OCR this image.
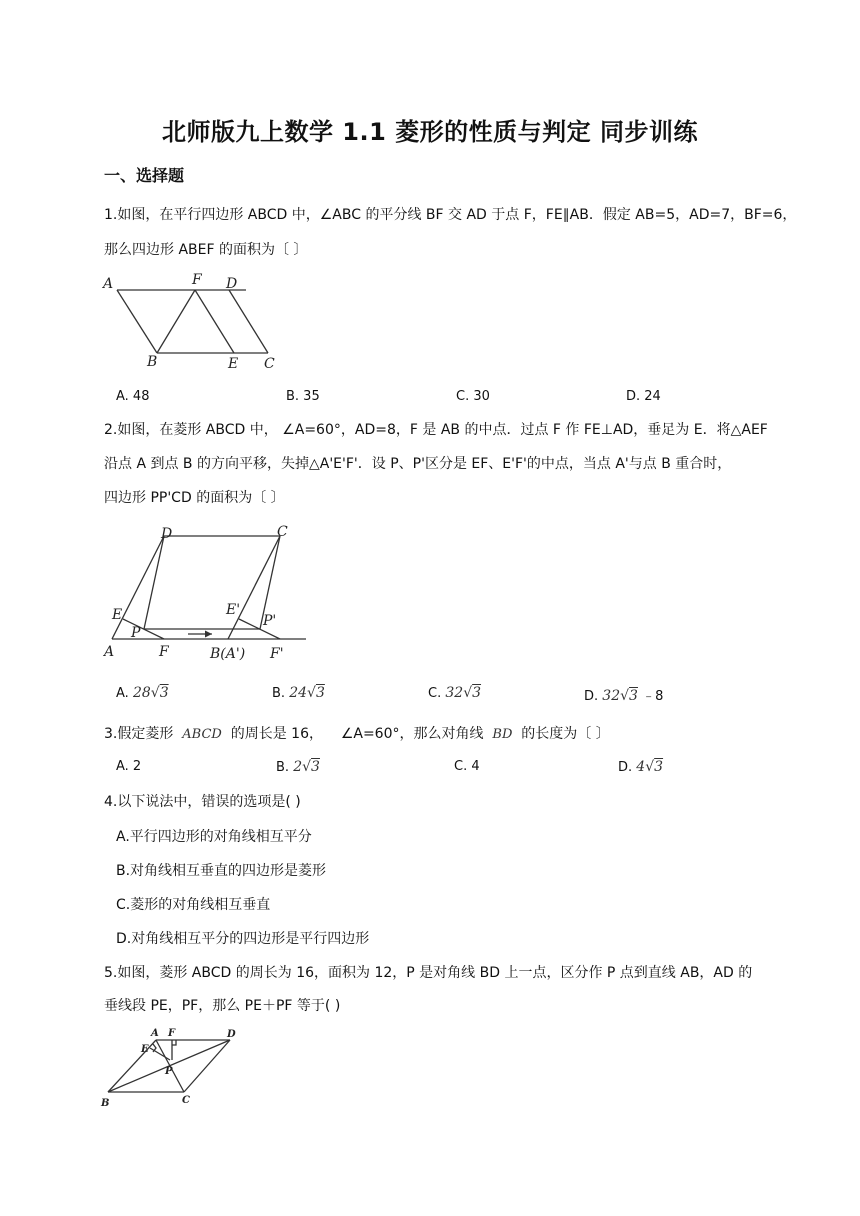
北师版九上数学 1.1 菱形的性质与判定 同步训练
一、选择题
1.如图，在平行四边形 ABCD 中，∠ABC 的平分线 BF 交 AD 于点 F，FE∥AB．假定 AB=5，AD=7，BF=6，
那么四边形 ABEF 的面积为〔 〕
A	F D
B	E C
A. 48	B. 35	C. 30	D. 24
2.如图，在菱形 ABCD 中， ∠A=60°，AD=8，F 是 AB 的中点．过点 F 作 FE⊥AD，垂足为 E．将△AEF
沿点 A 到点 B 的方向平移，失掉△A'E'F'．设 P、P'区分是 EF、E'F'的中点，当点 A'与点 B 重合时，
四边形 PP'CD 的面积为〔 〕
D	C
E
P
A	F
E'
P'
B(A') F'
A. 28√3	B. 24√3	C. 32√3	D. 32√3 ﹣8
3.假定菱形 ABCD 的周长是 16， ∠A=60°，那么对角线 BD 的长度为〔 〕
A. 2	B. 2√3	C. 4	D. 4√3
4.以下说法中，错误的选项是( )
A.平行四边形的对角线相互平分
B.对角线相互垂直的四边形是菱形
C.菱形的对角线相互垂直
D.对角线相互平分的四边形是平行四边形
5.如图，菱形 ABCD 的周长为 16，面积为 12，P 是对角线 BD 上一点，区分作 P 点到直线 AB，AD 的
垂线段 PE，PF，那么 PE＋PF 等于( )
A F	D
E
P
B	C
